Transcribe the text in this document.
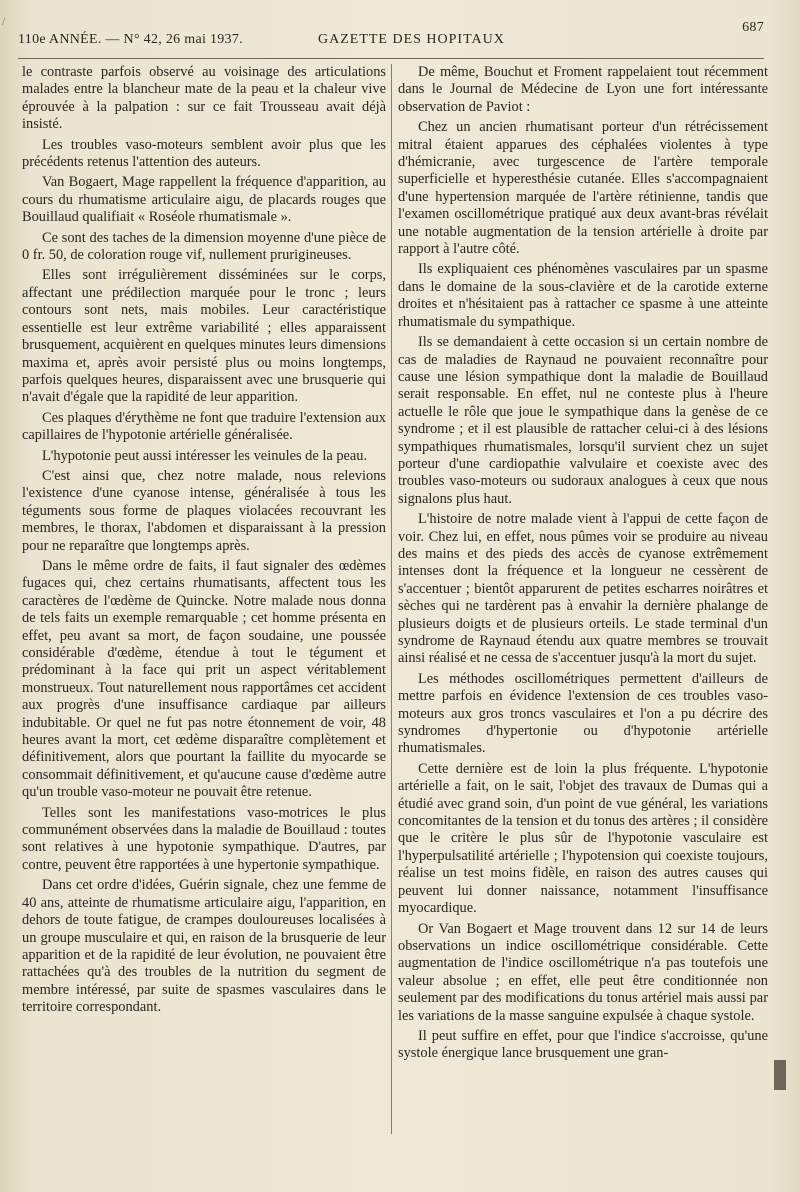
/
110e ANNÉE. — N° 42, 26 mai 1937.	GAZETTE DES HOPITAUX
687

le contraste parfois observé au voisinage des articulations malades entre la blancheur mate de la peau et la chaleur vive éprouvée à la palpation : sur ce fait Trousseau avait déjà insisté.

Les troubles vaso-moteurs semblent avoir plus que les précédents retenus l'attention des auteurs.

Van Bogaert, Mage rappellent la fréquence d'apparition, au cours du rhumatisme articulaire aigu, de placards rouges que Bouillaud qualifiait « Roséole rhumatismale ».

Ce sont des taches de la dimension moyenne d'une pièce de 0 fr. 50, de coloration rouge vif, nullement prurigineuses.

Elles sont irrégulièrement disséminées sur le corps, affectant une prédilection marquée pour le tronc ; leurs contours sont nets, mais mobiles. Leur caractéristique essentielle est leur extrême variabilité ; elles apparaissent brusquement, acquièrent en quelques minutes leurs dimensions maxima et, après avoir persisté plus ou moins longtemps, parfois quelques heures, disparaissent avec une brusquerie qui n'avait d'égale que la rapidité de leur apparition.

Ces plaques d'érythème ne font que traduire l'extension aux capillaires de l'hypotonie artérielle généralisée.

L'hypotonie peut aussi intéresser les veinules de la peau.

C'est ainsi que, chez notre malade, nous relevions l'existence d'une cyanose intense, généralisée à tous les téguments sous forme de plaques violacées recouvrant les membres, le thorax, l'abdomen et disparaissant à la pression pour ne reparaître que longtemps après.

Dans le même ordre de faits, il faut signaler des œdèmes fugaces qui, chez certains rhumatisants, affectent tous les caractères de l'œdème de Quincke. Notre malade nous donna de tels faits un exemple remarquable ; cet homme présenta en effet, peu avant sa mort, de façon soudaine, une poussée considérable d'œdème, étendue à tout le tégument et prédominant à la face qui prit un aspect véritablement monstrueux. Tout naturellement nous rapportâmes cet accident aux progrès d'une insuffisance cardiaque par ailleurs indubitable. Or quel ne fut pas notre étonnement de voir, 48 heures avant la mort, cet œdème disparaître complètement et définitivement, alors que pourtant la faillite du myocarde se consommait définitivement, et qu'aucune cause d'œdème autre qu'un trouble vaso-moteur ne pouvait être retenue.

Telles sont les manifestations vaso-motrices le plus communément observées dans la maladie de Bouillaud : toutes sont relatives à une hypotonie sympathique. D'autres, par contre, peuvent être rapportées à une hypertonie sympathique.

Dans cet ordre d'idées, Guérin signale, chez une femme de 40 ans, atteinte de rhumatisme articulaire aigu, l'apparition, en dehors de toute fatigue, de crampes douloureuses localisées à un groupe musculaire et qui, en raison de la brusquerie de leur apparition et de la rapidité de leur évolution, ne pouvaient être rattachées qu'à des troubles de la nutrition du segment de membre intéressé, par suite de spasmes vasculaires dans le territoire correspondant.

De même, Bouchut et Froment rappelaient tout récemment dans le Journal de Médecine de Lyon une fort intéressante observation de Paviot :

Chez un ancien rhumatisant porteur d'un rétrécissement mitral étaient apparues des céphalées violentes à type d'hémicranie, avec turgescence de l'artère temporale superficielle et hyperesthésie cutanée. Elles s'accompagnaient d'une hypertension marquée de l'artère rétinienne, tandis que l'examen oscillométrique pratiqué aux deux avant-bras révélait une notable augmentation de la tension artérielle à droite par rapport à l'autre côté.

Ils expliquaient ces phénomènes vasculaires par un spasme dans le domaine de la sous-clavière et de la carotide externe droites et n'hésitaient pas à rattacher ce spasme à une atteinte rhumatismale du sympathique.

Ils se demandaient à cette occasion si un certain nombre de cas de maladies de Raynaud ne pouvaient reconnaître pour cause une lésion sympathique dont la maladie de Bouillaud serait responsable. En effet, nul ne conteste plus à l'heure actuelle le rôle que joue le sympathique dans la genèse de ce syndrome ; et il est plausible de rattacher celui-ci à des lésions sympathiques rhumatismales, lorsqu'il survient chez un sujet porteur d'une cardiopathie valvulaire et coexiste avec des troubles vaso-moteurs ou sudoraux analogues à ceux que nous signalons plus haut.

L'histoire de notre malade vient à l'appui de cette façon de voir. Chez lui, en effet, nous pûmes voir se produire au niveau des mains et des pieds des accès de cyanose extrêmement intenses dont la fréquence et la longueur ne cessèrent de s'accentuer ; bientôt apparurent de petites escharres noirâtres et sèches qui ne tardèrent pas à envahir la dernière phalange de plusieurs doigts et de plusieurs orteils. Le stade terminal d'un syndrome de Raynaud étendu aux quatre membres se trouvait ainsi réalisé et ne cessa de s'accentuer jusqu'à la mort du sujet.

Les méthodes oscillométriques permettent d'ailleurs de mettre parfois en évidence l'extension de ces troubles vaso-moteurs aux gros troncs vasculaires et l'on a pu décrire des syndromes d'hypertonie ou d'hypotonie artérielle rhumatismales.

Cette dernière est de loin la plus fréquente. L'hypotonie artérielle a fait, on le sait, l'objet des travaux de Dumas qui a étudié avec grand soin, d'un point de vue général, les variations concomitantes de la tension et du tonus des artères ; il considère que le critère le plus sûr de l'hypotonie vasculaire est l'hyperpulsatilité artérielle ; l'hypotension qui coexiste toujours, réalise un test moins fidèle, en raison des autres causes qui peuvent lui donner naissance, notamment l'insuffisance myocardique.

Or Van Bogaert et Mage trouvent dans 12 sur 14 de leurs observations un indice oscillométrique considérable. Cette augmentation de l'indice oscillométrique n'a pas toutefois une valeur absolue ; en effet, elle peut être conditionnée non seulement par des modifications du tonus artériel mais aussi par les variations de la masse sanguine expulsée à chaque systole.

Il peut suffire en effet, pour que l'indice s'accroisse, qu'une systole énergique lance brusquement une gran-
